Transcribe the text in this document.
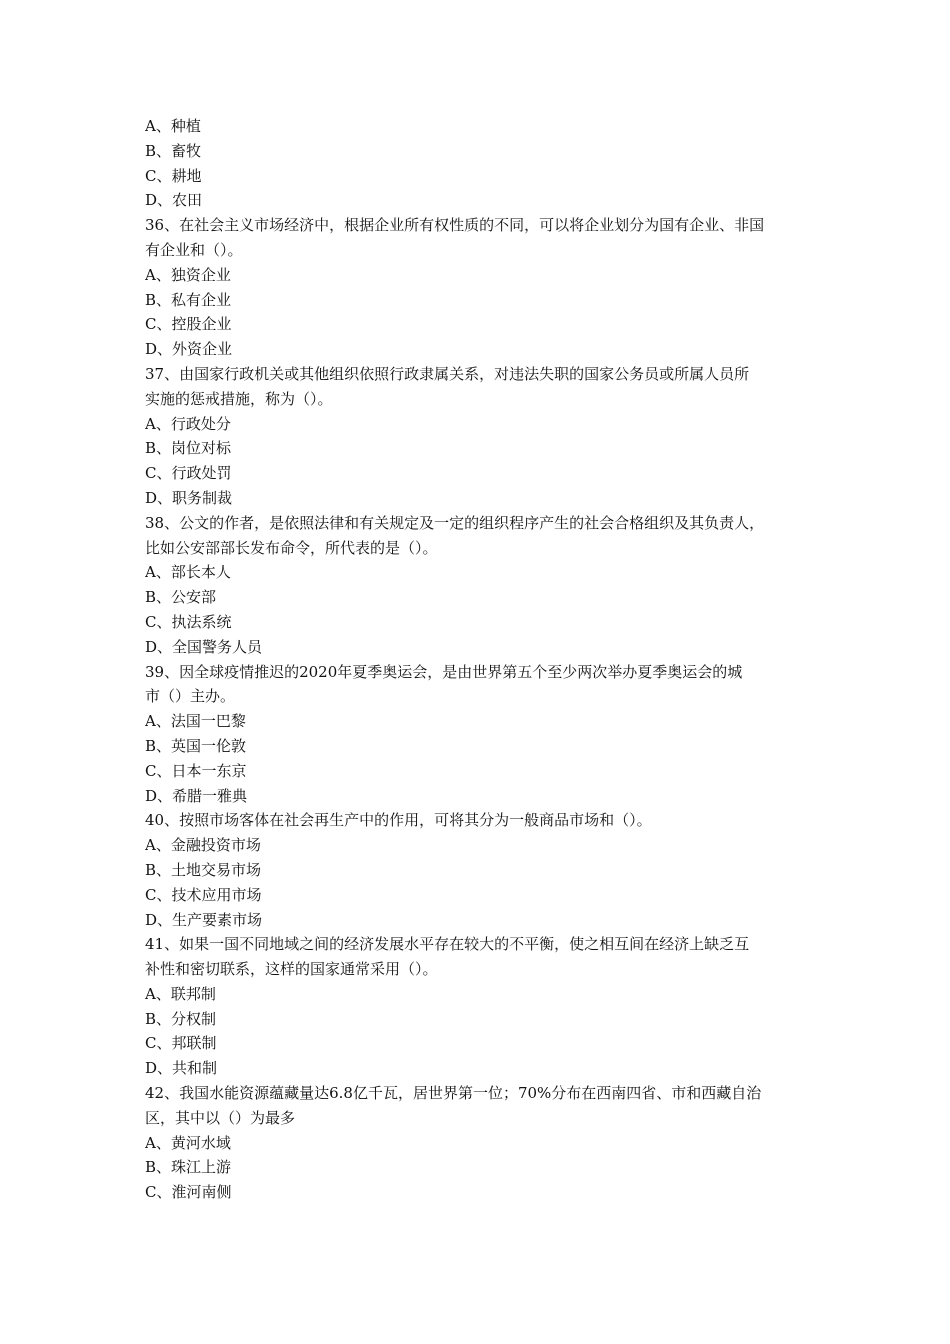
A、种植
B、畜牧
C、耕地
D、农田
36、在社会主义市场经济中，根据企业所有权性质的不同，可以将企业划分为国有企业、非国
有企业和（）。
A、独资企业
B、私有企业
C、控股企业
D、外资企业
37、由国家行政机关或其他组织依照行政隶属关系，对违法失职的国家公务员或所属人员所
实施的惩戒措施，称为（）。
A、行政处分
B、岗位对标
C、行政处罚
D、职务制裁
38、公文的作者，是依照法律和有关规定及一定的组织程序产生的社会合格组织及其负责人，
比如公安部部长发布命令，所代表的是（）。
A、部长本人
B、公安部
C、执法系统
D、全国警务人员
39、因全球疫情推迟的2020年夏季奥运会，是由世界第五个至少两次举办夏季奥运会的城
市（）主办。
A、法国一巴黎
B、英国一伦敦
C、日本一东京
D、希腊一雅典
40、按照市场客体在社会再生产中的作用，可将其分为一般商品市场和（）。
A、金融投资市场
B、土地交易市场
C、技术应用市场
D、生产要素市场
41、如果一国不同地域之间的经济发展水平存在较大的不平衡，使之相互间在经济上缺乏互
补性和密切联系，这样的国家通常采用（）。
A、联邦制
B、分权制
C、邦联制
D、共和制
42、我国水能资源蕴藏量达6.8亿千瓦，居世界第一位；70%分布在西南四省、市和西藏自治
区，其中以（）为最多
A、黄河水域
B、珠江上游
C、淮河南侧
